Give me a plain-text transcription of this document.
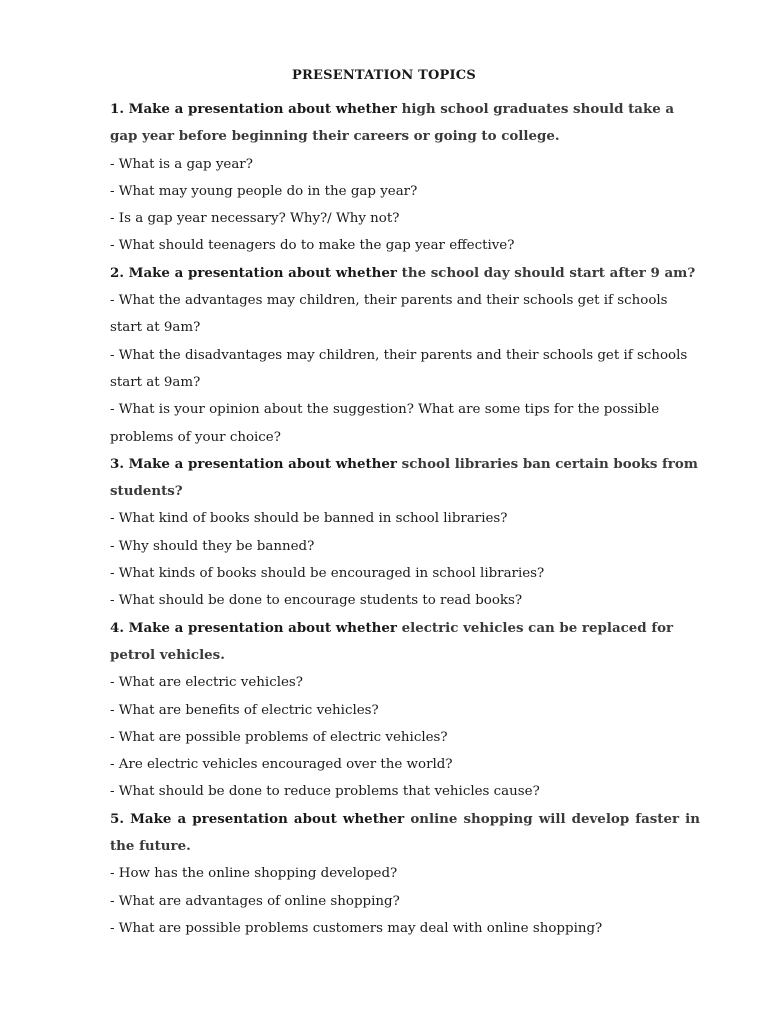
PRESENTATION TOPICS

1. Make a presentation about whether high school graduates should take a gap year before beginning their careers or going to college.

- What is a gap year?

- What may young people do in the gap year?

- Is a gap year necessary? Why?/ Why not?

- What should teenagers do to make the gap year effective?

2. Make a presentation about whether the school day should start after 9 am?

- What the advantages may children, their parents and their schools get if schools start at 9am?

- What the disadvantages may children, their parents and their schools get if schools start at 9am?

- What is your opinion about the suggestion? What are some tips for the possible problems of your choice?

3. Make a presentation about whether school libraries ban certain books from students?

- What kind of books should be banned in school libraries?

- Why should they be banned?

- What kinds of books should be encouraged in school libraries?

- What should be done to encourage students to read books?

4. Make a presentation about whether electric vehicles can be replaced for petrol vehicles.

- What are electric vehicles?

- What are benefits of electric vehicles?

- What are possible problems of electric vehicles?

- Are electric vehicles encouraged over the world?

- What should be done to reduce problems that vehicles cause?

5. Make a presentation about whether online shopping will develop faster in the future.

- How has the online shopping developed?

- What are advantages of online shopping?

- What are possible problems customers may deal with online shopping?
